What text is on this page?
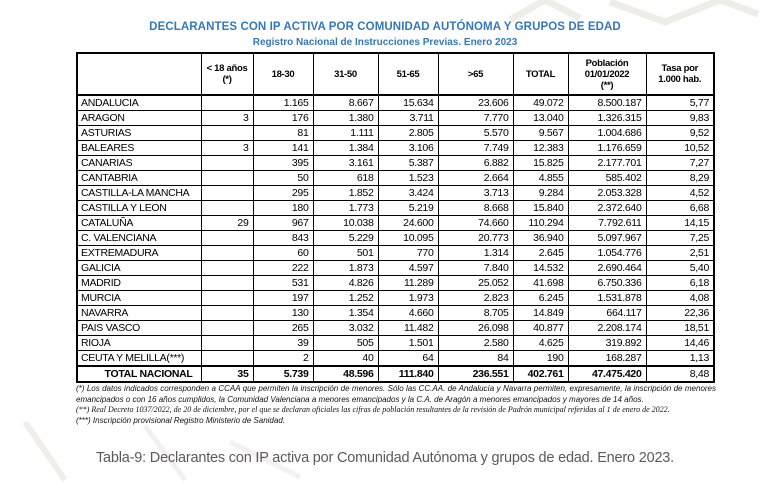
DECLARANTES CON IP ACTIVA POR COMUNIDAD AUTÓNOMA Y GRUPOS DE EDAD
Registro Nacional de Instrucciones Previas. Enero 2023
	< 18 años
(*)	18-30	31-50	51-65	>65	TOTAL	Población
01/01/2022
(**)	Tasa por
1.000 hab.
ANDALUCIA		1.165	8.667	15.634	23.606	49.072	8.500.187	5,77
ARAGON	3	176	1.380	3.711	7.770	13.040	1.326.315	9,83
ASTURIAS		81	1.111	2.805	5.570	9.567	1.004.686	9,52
BALEARES	3	141	1.384	3.106	7.749	12.383	1.176.659	10,52
CANARIAS		395	3.161	5.387	6.882	15.825	2.177.701	7,27
CANTABRIA		50	618	1.523	2.664	4.855	585.402	8,29
CASTILLA-LA MANCHA		295	1.852	3.424	3.713	9.284	2.053.328	4,52
CASTILLA Y LEON		180	1.773	5.219	8.668	15.840	2.372.640	6,68
CATALUÑA	29	967	10.038	24.600	74.660	110.294	7.792.611	14,15
C. VALENCIANA		843	5.229	10.095	20.773	36.940	5.097.967	7,25
EXTREMADURA		60	501	770	1.314	2.645	1.054.776	2,51
GALICIA		222	1.873	4.597	7.840	14.532	2.690.464	5,40
MADRID		531	4.826	11.289	25.052	41.698	6.750.336	6,18
MURCIA		197	1.252	1.973	2.823	6.245	1.531.878	4,08
NAVARRA		130	1.354	4.660	8.705	14.849	664.117	22,36
PAIS VASCO		265	3.032	11.482	26.098	40.877	2.208.174	18,51
RIOJA		39	505	1.501	2.580	4.625	319.892	14,46
CEUTA Y MELILLA(***)		2	40	64	84	190	168.287	1,13
TOTAL NACIONAL	35	5.739	48.596	111.840	236.551	402.761	47.475.420	8,48

(*) Los datos indicados corresponden a CCAA que permiten la inscripción de menores. Sólo las CC.AA. de Andalucía y Navarra permiten, expresamente, la inscripción de menores emancipados o con 16 años cumplidos, la Comunidad Valenciana a menores emancipados y la C.A. de Aragón a menores emancipados y mayores de 14 años.

(**) Real Decreto 1037/2022, de 20 de diciembre, por el que se declaran oficiales las cifras de población resultantes de la revisión de Padrón municipal referidas al 1 de enero de 2022.

(***) Inscripción provisional Registro Ministerio de Sanidad.

Tabla-9: Declarantes con IP activa por Comunidad Autónoma y grupos de edad. Enero 2023.
